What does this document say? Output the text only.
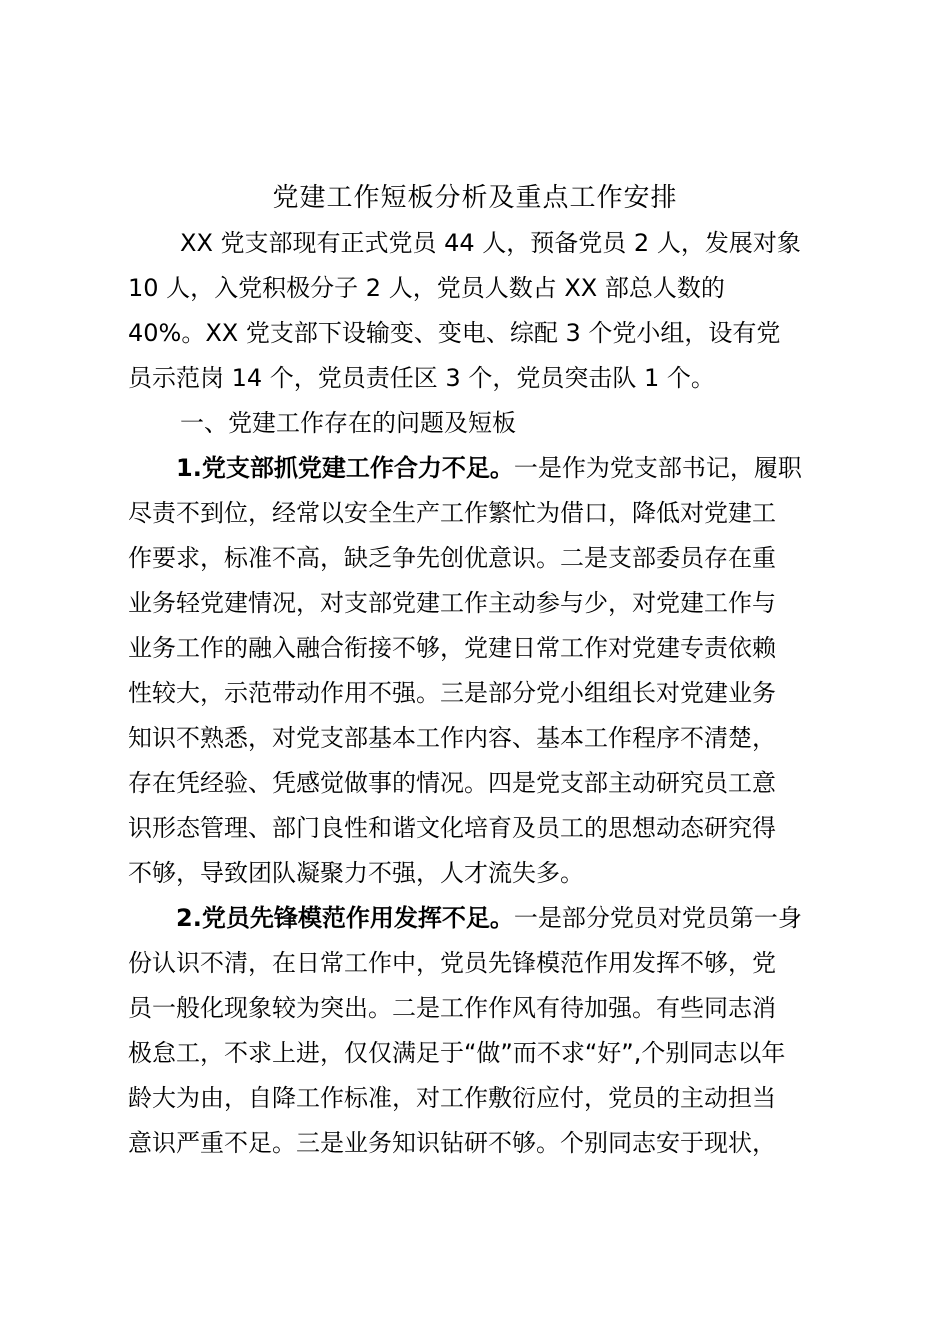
党建工作短板分析及重点工作安排
XX 党支部现有正式党员 44 人，预备党员 2 人，发展对象
10 人，入党积极分子 2 人，党员人数占 XX 部总人数的
40%。XX 党支部下设输变、变电、综配 3 个党小组，设有党
员示范岗 14 个，党员责任区 3 个，党员突击队 1 个。
一、党建工作存在的问题及短板
1.党支部抓党建工作合力不足。一是作为党支部书记，履职
尽责不到位，经常以安全生产工作繁忙为借口，降低对党建工
作要求，标准不高，缺乏争先创优意识。二是支部委员存在重
业务轻党建情况，对支部党建工作主动参与少，对党建工作与
业务工作的融入融合衔接不够，党建日常工作对党建专责依赖
性较大，示范带动作用不强。三是部分党小组组长对党建业务
知识不熟悉，对党支部基本工作内容、基本工作程序不清楚，
存在凭经验、凭感觉做事的情况。四是党支部主动研究员工意
识形态管理、部门良性和谐文化培育及员工的思想动态研究得
不够，导致团队凝聚力不强，人才流失多。
2.党员先锋模范作用发挥不足。一是部分党员对党员第一身
份认识不清，在日常工作中，党员先锋模范作用发挥不够，党
员一般化现象较为突出。二是工作作风有待加强。有些同志消
极怠工，不求上进，仅仅满足于“做”而不求“好”,个别同志以年
龄大为由，自降工作标准，对工作敷衍应付，党员的主动担当
意识严重不足。三是业务知识钻研不够。个别同志安于现状，
